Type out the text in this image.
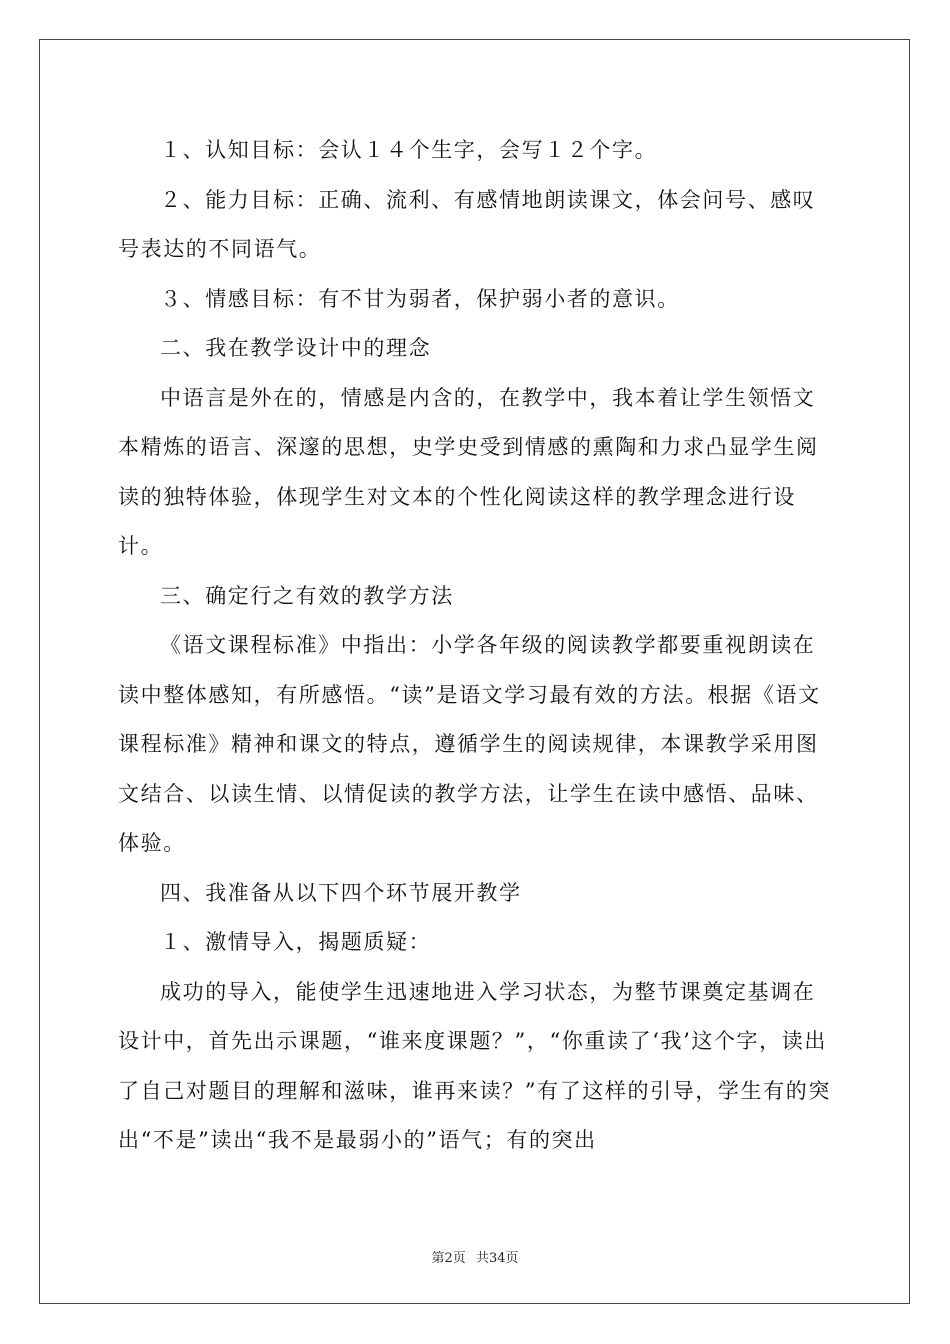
１、认知目标：会认１４个生字，会写１２个字。

２、能力目标：正确、流利、有感情地朗读课文，体会问号、感叹号表达的不同语气。

３、情感目标：有不甘为弱者，保护弱小者的意识。

二、我在教学设计中的理念

中语言是外在的，情感是内含的，在教学中，我本着让学生领悟文本精炼的语言、深邃的思想，史学史受到情感的熏陶和力求凸显学生阅读的独特体验，体现学生对文本的个性化阅读这样的教学理念进行设计。

三、确定行之有效的教学方法

《语文课程标准》中指出：小学各年级的阅读教学都要重视朗读在读中整体感知，有所感悟。“读”是语文学习最有效的方法。根据《语文课程标准》精神和课文的特点，遵循学生的阅读规律，本课教学采用图文结合、以读生情、以情促读的教学方法，让学生在读中感悟、品味、体验。

四、我准备从以下四个环节展开教学

１、激情导入，揭题质疑：

成功的导入，能使学生迅速地进入学习状态，为整节课奠定基调在设计中，首先出示课题，“谁来度课题？”，“你重读了‘我’这个字，读出了自己对题目的理解和滋味，谁再来读？”有了这样的引导，学生有的突出“不是”读出“我不是最弱小的”语气；有的突出

第2页 共34页
